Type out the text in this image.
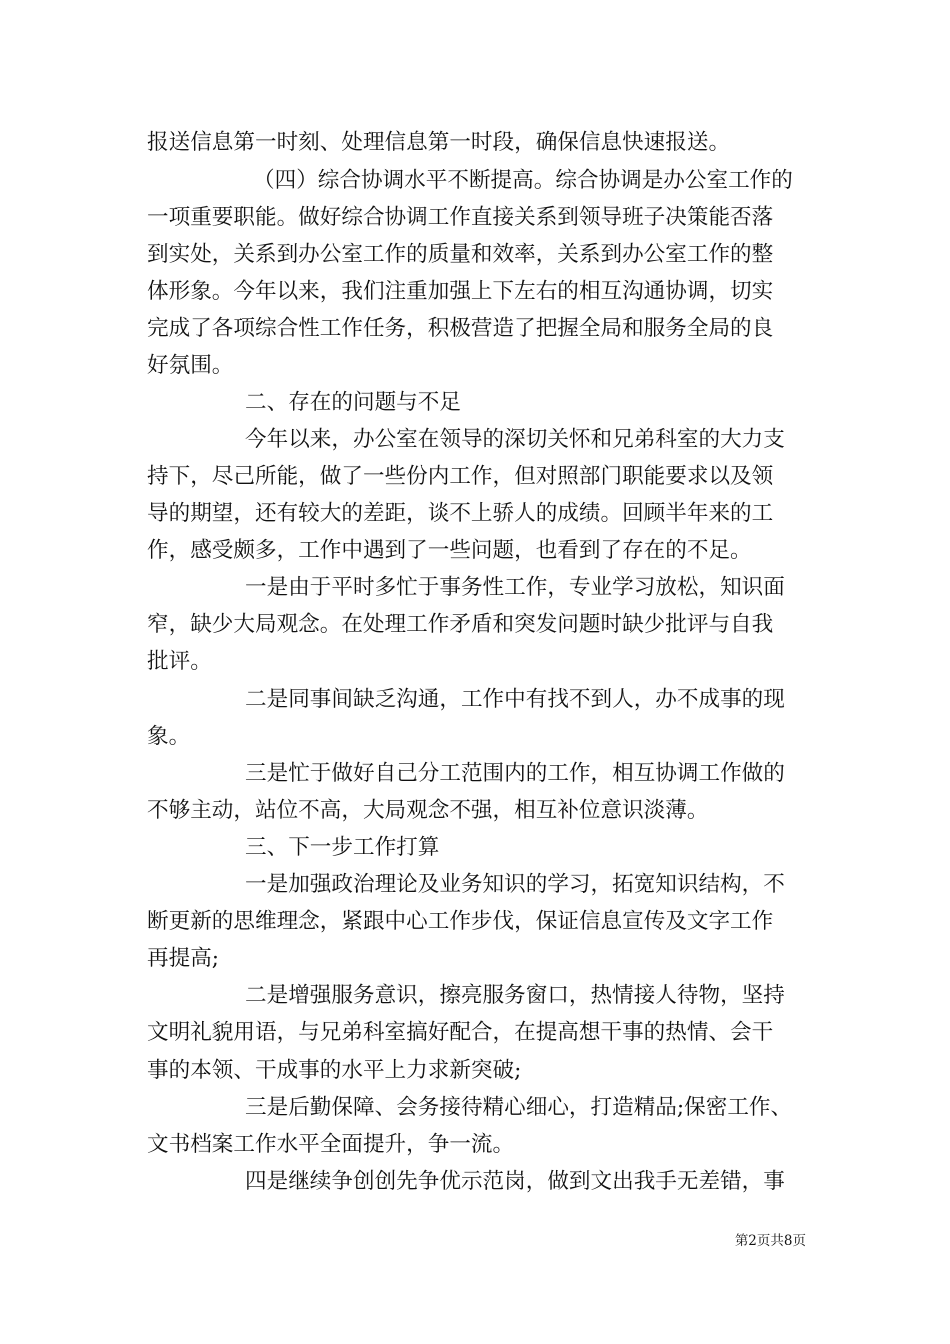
报送信息第一时刻、处理信息第一时段，确保信息快速报送。
（四）综合协调水平不断提高。综合协调是办公室工作的
一项重要职能。做好综合协调工作直接关系到领导班子决策能否落
到实处，关系到办公室工作的质量和效率，关系到办公室工作的整
体形象。今年以来，我们注重加强上下左右的相互沟通协调，切实
完成了各项综合性工作任务，积极营造了把握全局和服务全局的良
好氛围。
二、存在的问题与不足
今年以来，办公室在领导的深切关怀和兄弟科室的大力支
持下，尽己所能，做了一些份内工作，但对照部门职能要求以及领
导的期望，还有较大的差距，谈不上骄人的成绩。回顾半年来的工
作，感受颇多，工作中遇到了一些问题，也看到了存在的不足。
一是由于平时多忙于事务性工作，专业学习放松，知识面
窄，缺少大局观念。在处理工作矛盾和突发问题时缺少批评与自我
批评。
二是同事间缺乏沟通，工作中有找不到人，办不成事的现
象。
三是忙于做好自己分工范围内的工作，相互协调工作做的
不够主动，站位不高，大局观念不强，相互补位意识淡薄。
三、下一步工作打算
一是加强政治理论及业务知识的学习，拓宽知识结构，不
断更新的思维理念，紧跟中心工作步伐，保证信息宣传及文字工作
再提高;
二是增强服务意识，擦亮服务窗口，热情接人待物，坚持
文明礼貌用语，与兄弟科室搞好配合，在提高想干事的热情、会干
事的本领、干成事的水平上力求新突破;
三是后勤保障、会务接待精心细心，打造精品;保密工作、
文书档案工作水平全面提升，争一流。
四是继续争创创先争优示范岗，做到文出我手无差错，事
第2页共8页
